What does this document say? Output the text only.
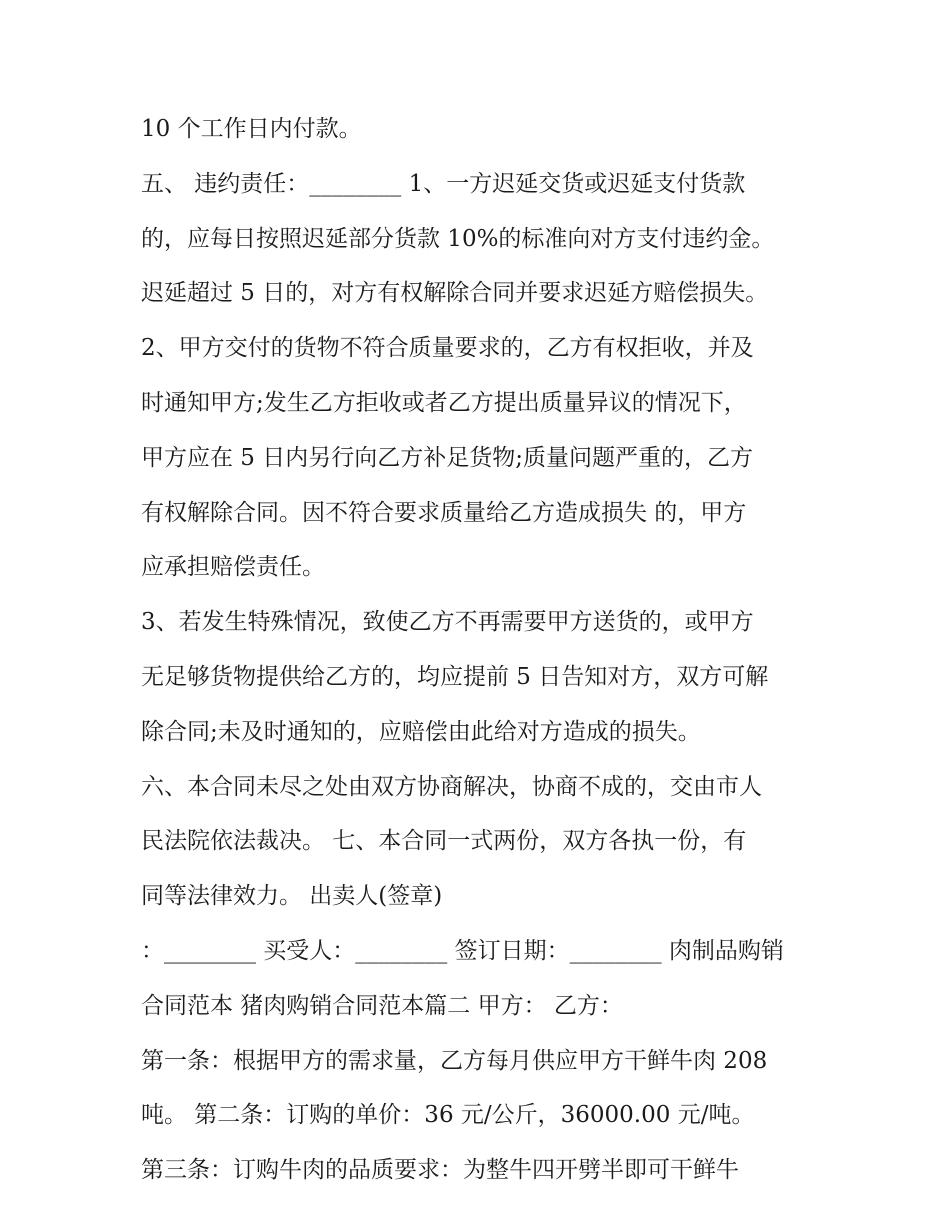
10 个工作日内付款。
五、 违约责任：________ 1、一方迟延交货或迟延支付货款
的，应每日按照迟延部分货款 10%的标准向对方支付违约金。
迟延超过 5 日的，对方有权解除合同并要求迟延方赔偿损失。
2、甲方交付的货物不符合质量要求的，乙方有权拒收，并及
时通知甲方;发生乙方拒收或者乙方提出质量异议的情况下，
甲方应在 5 日内另行向乙方补足货物;质量问题严重的，乙方
有权解除合同。因不符合要求质量给乙方造成损失 的，甲方
应承担赔偿责任。
3、若发生特殊情况，致使乙方不再需要甲方送货的，或甲方
无足够货物提供给乙方的，均应提前 5 日告知对方，双方可解
除合同;未及时通知的，应赔偿由此给对方造成的损失。
六、本合同未尽之处由双方协商解决，协商不成的，交由市人
民法院依法裁决。 七、本合同一式两份，双方各执一份，有
同等法律效力。 出卖人(签章)
：________ 买受人：________ 签订日期：________ 肉制品购销
合同范本 猪肉购销合同范本篇二 甲方： 乙方：
第一条：根据甲方的需求量，乙方每月供应甲方干鲜牛肉 208
吨。 第二条：订购的单价：36 元/公斤，36000.00 元/吨。
第三条：订购牛肉的品质要求：为整牛四开劈半即可干鲜牛
